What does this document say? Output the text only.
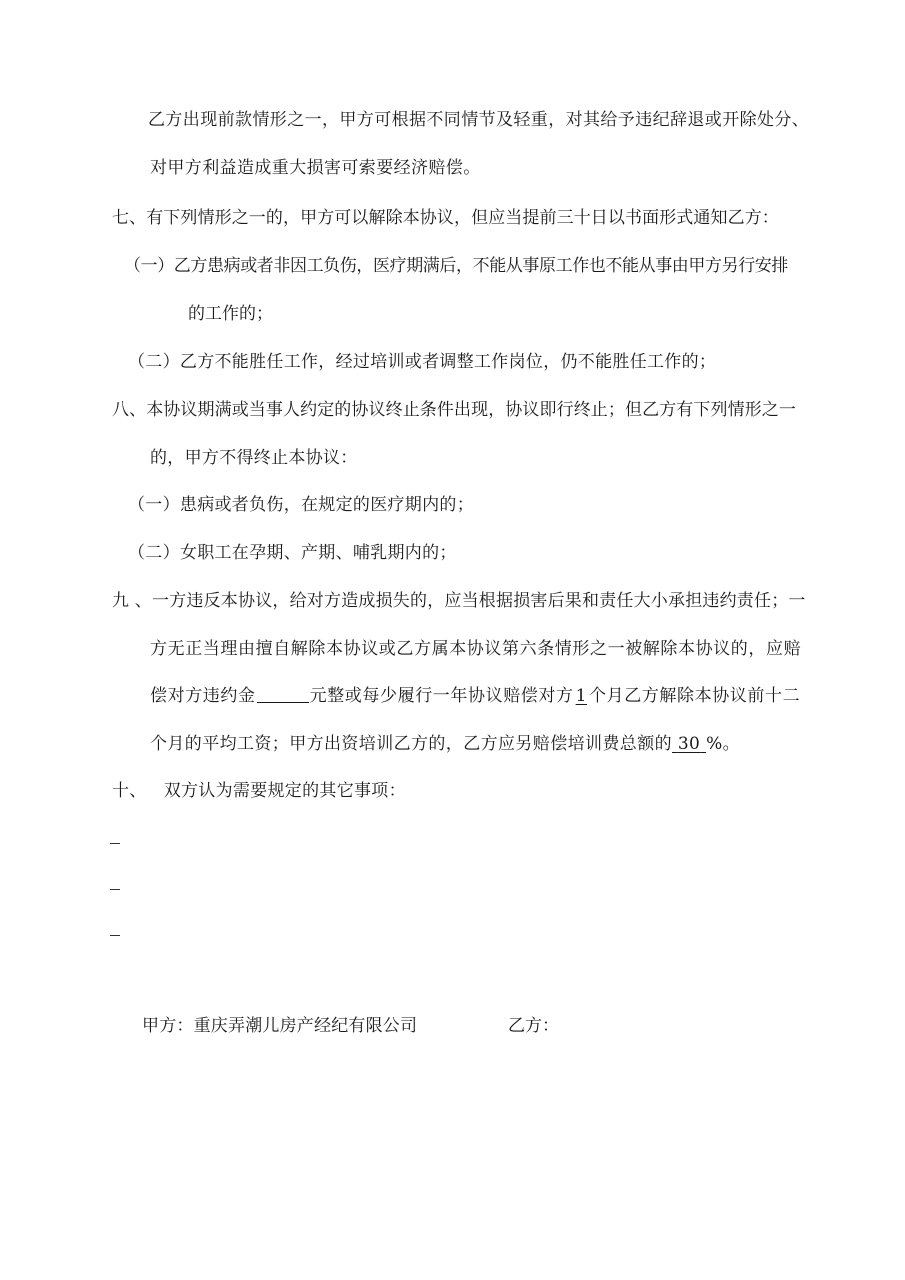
乙方出现前款情形之一，甲方可根据不同情节及轻重，对其给予违纪辞退或开除处分、
对甲方利益造成重大损害可索要经济赔偿。
七、有下列情形之一的，甲方可以解除本协议，但应当提前三十日以书面形式通知乙方：
（一）乙方患病或者非因工负伤，医疗期满后，不能从事原工作也不能从事由甲方另行安排
的工作的；
（二）乙方不能胜任工作，经过培训或者调整工作岗位，仍不能胜任工作的；
八、本协议期满或当事人约定的协议终止条件出现，协议即行终止；但乙方有下列情形之一
的，甲方不得终止本协议：
（一）患病或者负伤，在规定的医疗期内的；
（二）女职工在孕期、产期、哺乳期内的；
九 、一方违反本协议，给对方造成损失的，应当根据损害后果和责任大小承担违约责任；一
方无正当理由擅自解除本协议或乙方属本协议第六条情形之一被解除本协议的，应赔
偿对方违约金	元整或每少履行一年协议赔偿对方 1 个月乙方解除本协议前十二
个月的平均工资；甲方出资培训乙方的，乙方应另赔偿培训费总额的 30 %。
十、   双方认为需要规定的其它事项：
甲方：重庆弄潮儿房产经纪有限公司	乙方：
